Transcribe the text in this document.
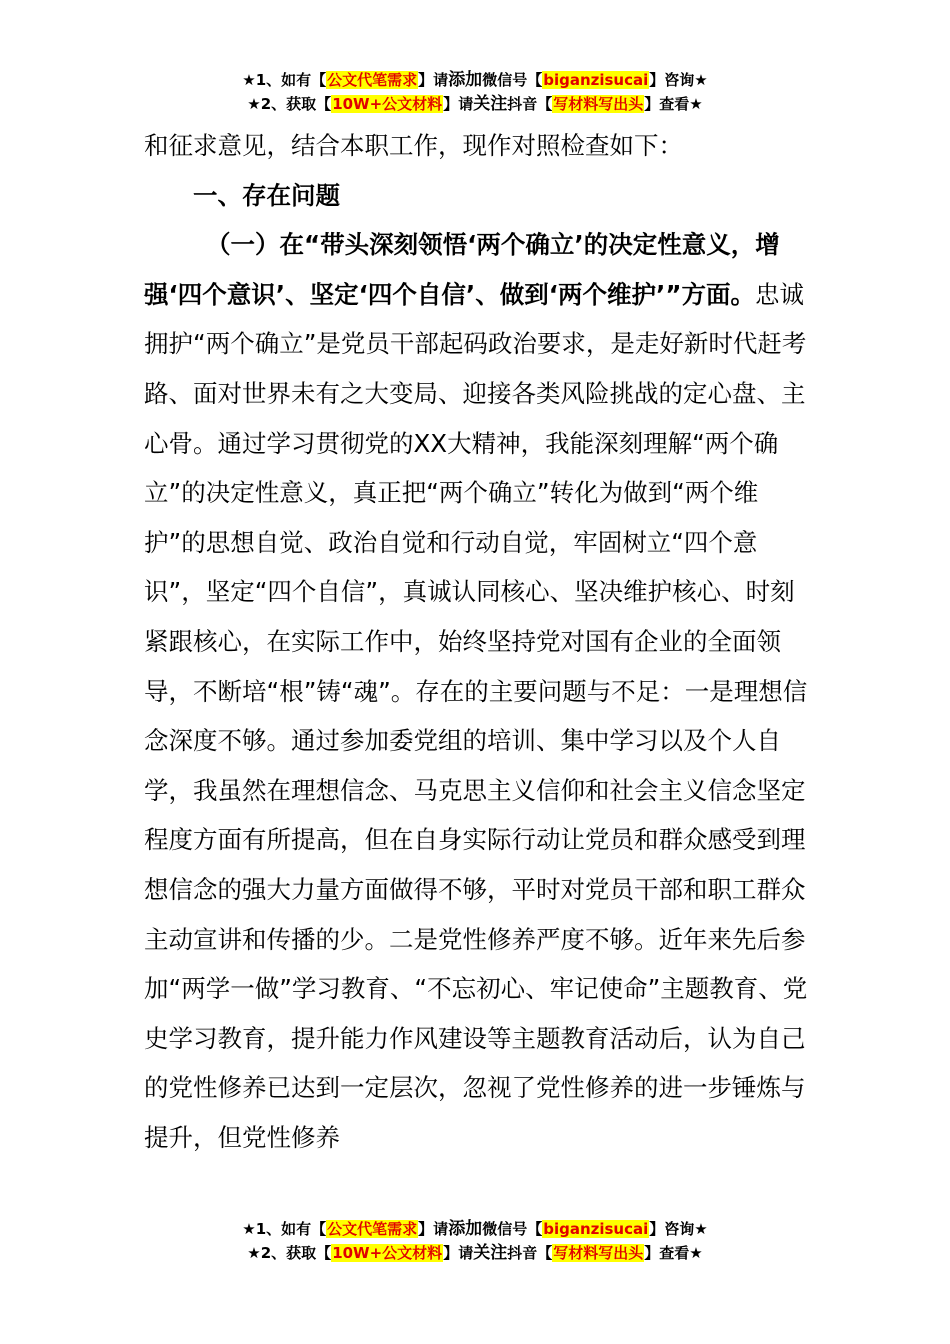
★1、如有【公文代笔需求】请添加微信号【biganzisucai】咨询★
★2、获取【10W+公文材料】请关注抖音【写材料写出头】查看★

和征求意见，结合本职工作，现作对照检查如下：

一、存在问题

（一）在“带头深刻领悟‘两个确立’的决定性意义，增强‘四个意识’、坚定‘四个自信’、做到‘两个维护’”方面。忠诚拥护“两个确立”是党员干部起码政治要求，是走好新时代赶考路、面对世界未有之大变局、迎接各类风险挑战的定心盘、主心骨。通过学习贯彻党的XX大精神，我能深刻理解“两个确立”的决定性意义，真正把“两个确立”转化为做到“两个维护”的思想自觉、政治自觉和行动自觉，牢固树立“四个意识”，坚定“四个自信”，真诚认同核心、坚决维护核心、时刻紧跟核心，在实际工作中，始终坚持党对国有企业的全面领导，不断培“根”铸“魂”。存在的主要问题与不足：一是理想信念深度不够。通过参加委党组的培训、集中学习以及个人自学，我虽然在理想信念、马克思主义信仰和社会主义信念坚定程度方面有所提高，但在自身实际行动让党员和群众感受到理想信念的强大力量方面做得不够，平时对党员干部和职工群众主动宣讲和传播的少。二是党性修养严度不够。近年来先后参加“两学一做”学习教育、“不忘初心、牢记使命”主题教育、党史学习教育，提升能力作风建设等主题教育活动后，认为自己的党性修养已达到一定层次，忽视了党性修养的进一步锤炼与提升，但党性修养

★1、如有【公文代笔需求】请添加微信号【biganzisucai】咨询★
★2、获取【10W+公文材料】请关注抖音【写材料写出头】查看★
